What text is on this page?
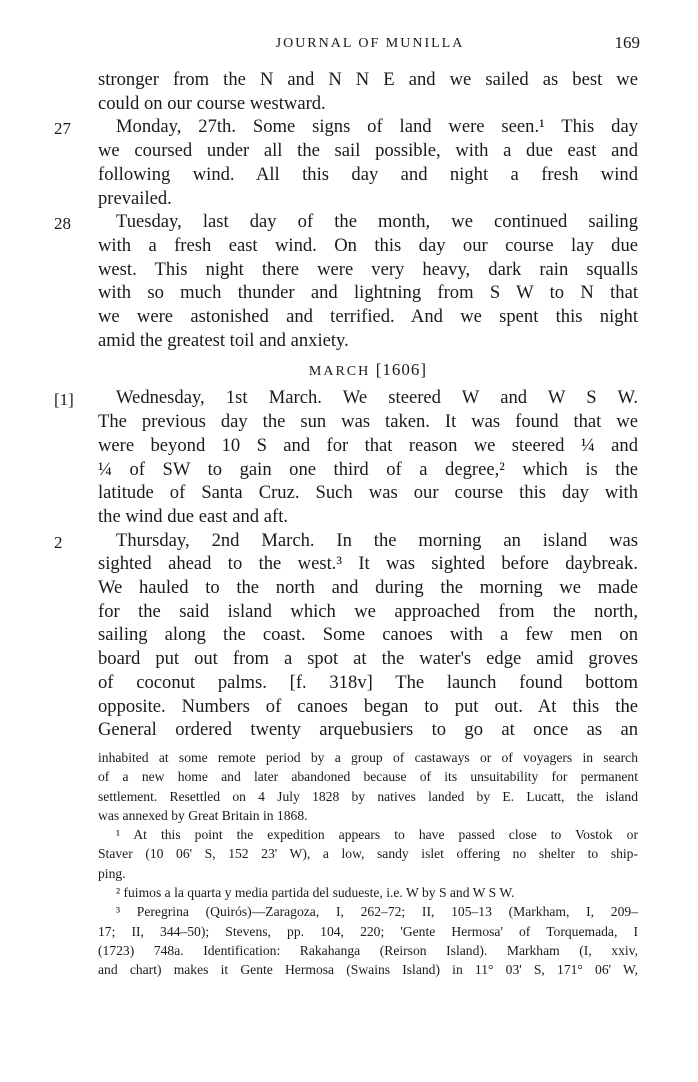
JOURNAL OF MUNILLA	169
stronger from the N and N N E and we sailed as best we
could on our course westward.
27	Monday, 27th. Some signs of land were seen.¹ This day
we coursed under all the sail possible, with a due east and
following wind. All this day and night a fresh wind
prevailed.
28	Tuesday, last day of the month, we continued sailing
with a fresh east wind. On this day our course lay due
west. This night there were very heavy, dark rain squalls
with so much thunder and lightning from S W to N that
we were astonished and terrified. And we spent this night
amid the greatest toil and anxiety.
MARCH [1606]
[1]	Wednesday, 1st March. We steered W and W S W.
The previous day the sun was taken. It was found that we
were beyond 10 S and for that reason we steered ¼ and
¼ of SW to gain one third of a degree,² which is the
latitude of Santa Cruz. Such was our course this day with
the wind due east and aft.
2	Thursday, 2nd March. In the morning an island was
sighted ahead to the west.³ It was sighted before daybreak.
We hauled to the north and during the morning we made
for the said island which we approached from the north,
sailing along the coast. Some canoes with a few men on
board put out from a spot at the water's edge amid groves
of coconut palms. [f. 318v] The launch found bottom
opposite. Numbers of canoes began to put out. At this the
General ordered twenty arquebusiers to go at once as an
inhabited at some remote period by a group of castaways or of voyagers in search
of a new home and later abandoned because of its unsuitability for permanent
settlement. Resettled on 4 July 1828 by natives landed by E. Lucatt, the island
was annexed by Great Britain in 1868.
¹ At this point the expedition appears to have passed close to Vostok or
Staver (10 06' S, 152 23' W), a low, sandy islet offering no shelter to ship-
ping.
² fuimos a la quarta y media partida del sudueste, i.e. W by S and W S W.
³ Peregrina (Quirós)—Zaragoza, I, 262–72; II, 105–13 (Markham, I, 209–
17; II, 344–50); Stevens, pp. 104, 220; 'Gente Hermosa' of Torquemada, I
(1723) 748a. Identification: Rakahanga (Reirson Island). Markham (I, xxiv,
and chart) makes it Gente Hermosa (Swains Island) in 11° 03' S, 171° 06' W,
